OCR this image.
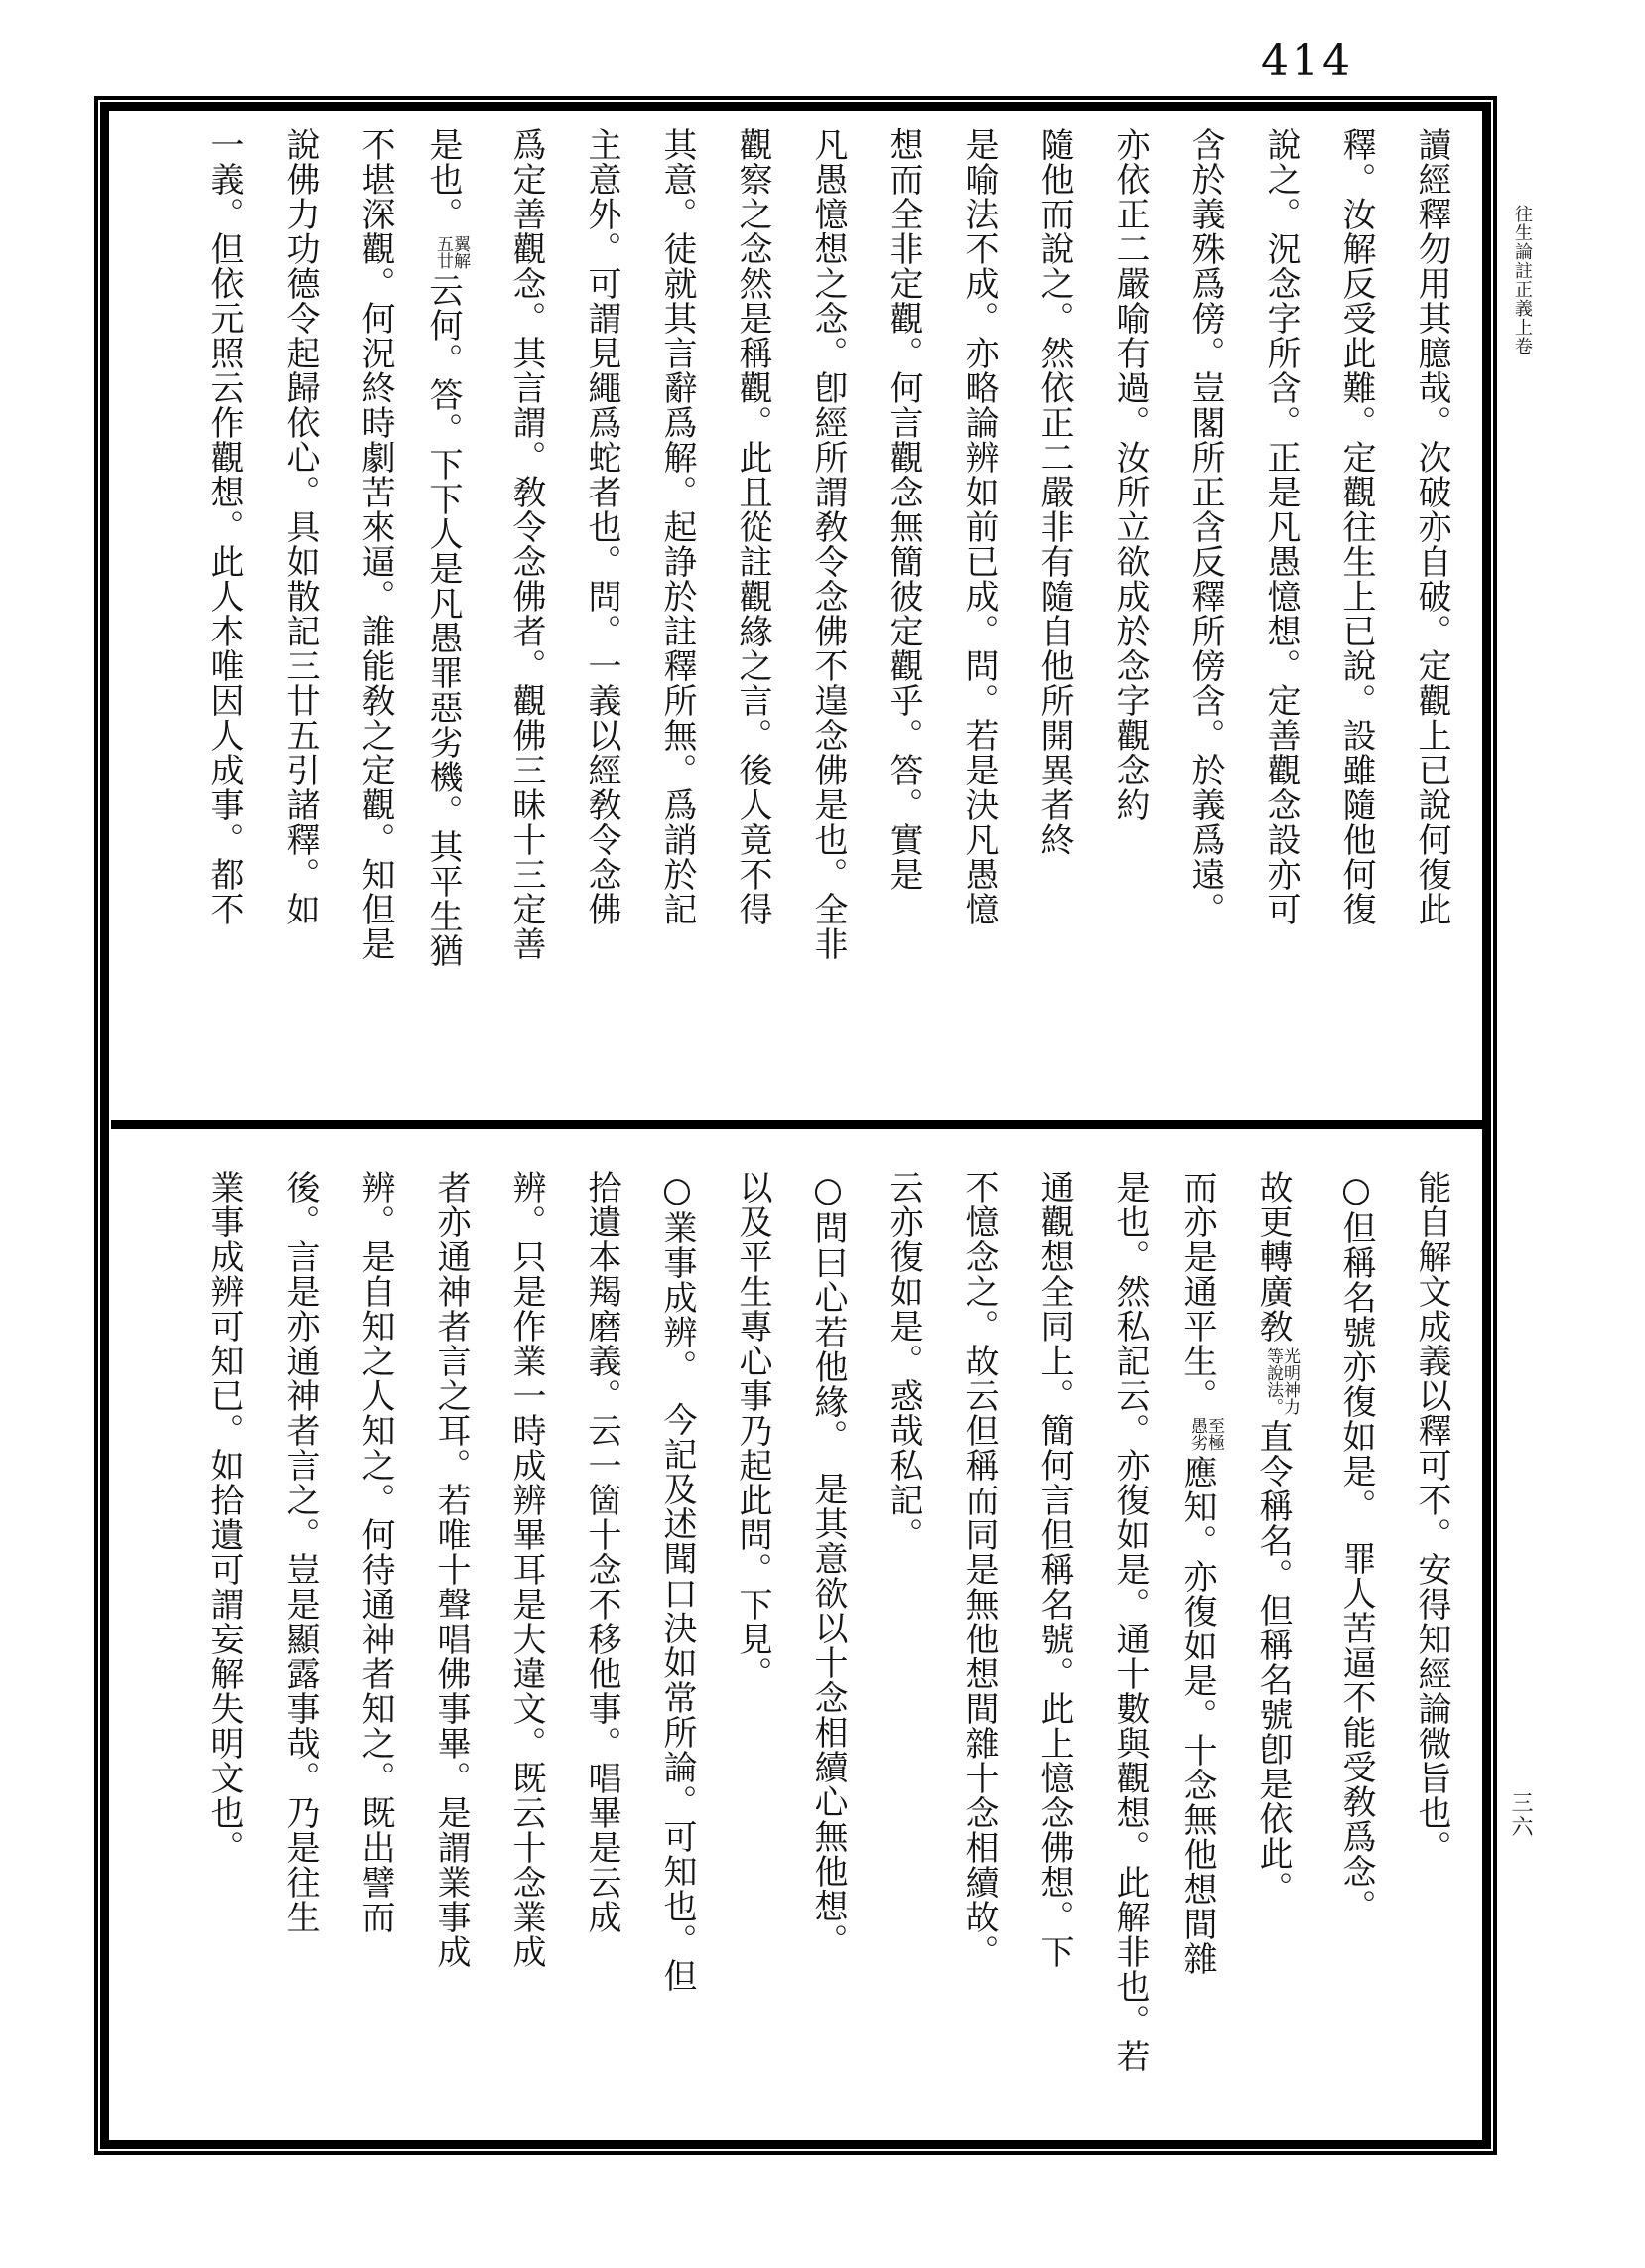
414
讀經釋勿用其臆哉。次破亦自破。定觀上已說何復此
釋。汝解反受此難。定觀往生上已說。設雖隨他何復
說之。況念字所含。正是凡愚憶想。定善觀念設亦可
含於義殊爲傍。豈閣所正含反釋所傍含。於義爲遠。
亦依正二嚴喻有過。汝所立欲成於念字觀念約
隨他而說之。然依正二嚴非有隨自他所開異者終
是喻法不成。亦略論辨如前已成。問。若是決凡愚憶
想而全非定觀。何言觀念無簡彼定觀乎。答。實是
凡愚憶想之念。卽經所謂敎令念佛不遑念佛是也。全非
觀察之念然是稱觀。此且從註觀緣之言。後人竟不得
其意。徒就其言辭爲解。起諍於註釋所無。爲誚於記
主意外。可謂見繩爲蛇者也。問。一義以經敎令念佛
爲定善觀念。其言謂。敎令念佛者。觀佛三昧十三定善
是也。
翼解
五廿
云何。答。下下人是凡愚罪惡劣機。其平生猶
不堪深觀。何況終時劇苦來逼。誰能敎之定觀。知但是
說佛力功德令起歸依心。具如散記三廿五引諸釋。如
一義。但依元照云作觀想。此人本唯因人成事。都不
能自解文成義以釋可不。安得知經論微旨也。
○但稱名號亦復如是。　罪人苦逼不能受敎爲念。
故更轉廣敎
光明神力
等說法。
直令稱名。但稱名號卽是依此。
而亦是通平生。
至極
愚劣
應知。亦復如是。十念無他想間雜
是也。然私記云。亦復如是。通十數與觀想。此解非也。若
通觀想全同上。簡何言但稱名號。此上憶念佛想。下
不憶念之。故云但稱而同是無他想間雜十念相續故。
云亦復如是。惑哉私記。
○問曰心若他緣。　是其意欲以十念相續心無他想。
以及平生專心事乃起此問。下見。
○業事成辨。　今記及述聞口決如常所論。可知也。但
拾遺本羯磨義。云一箇十念不移他事。唱畢是云成
辨。只是作業一時成辨畢耳是大違文。既云十念業成
者亦通神者言之耳。若唯十聲唱佛事畢。是謂業事成
辨。是自知之人知之。何待通神者知之。既出譬而
後。言是亦通神者言之。豈是顯露事哉。乃是往生
業事成辨可知已。如拾遺可謂妄解失明文也。
往生論註正義上卷
三六
